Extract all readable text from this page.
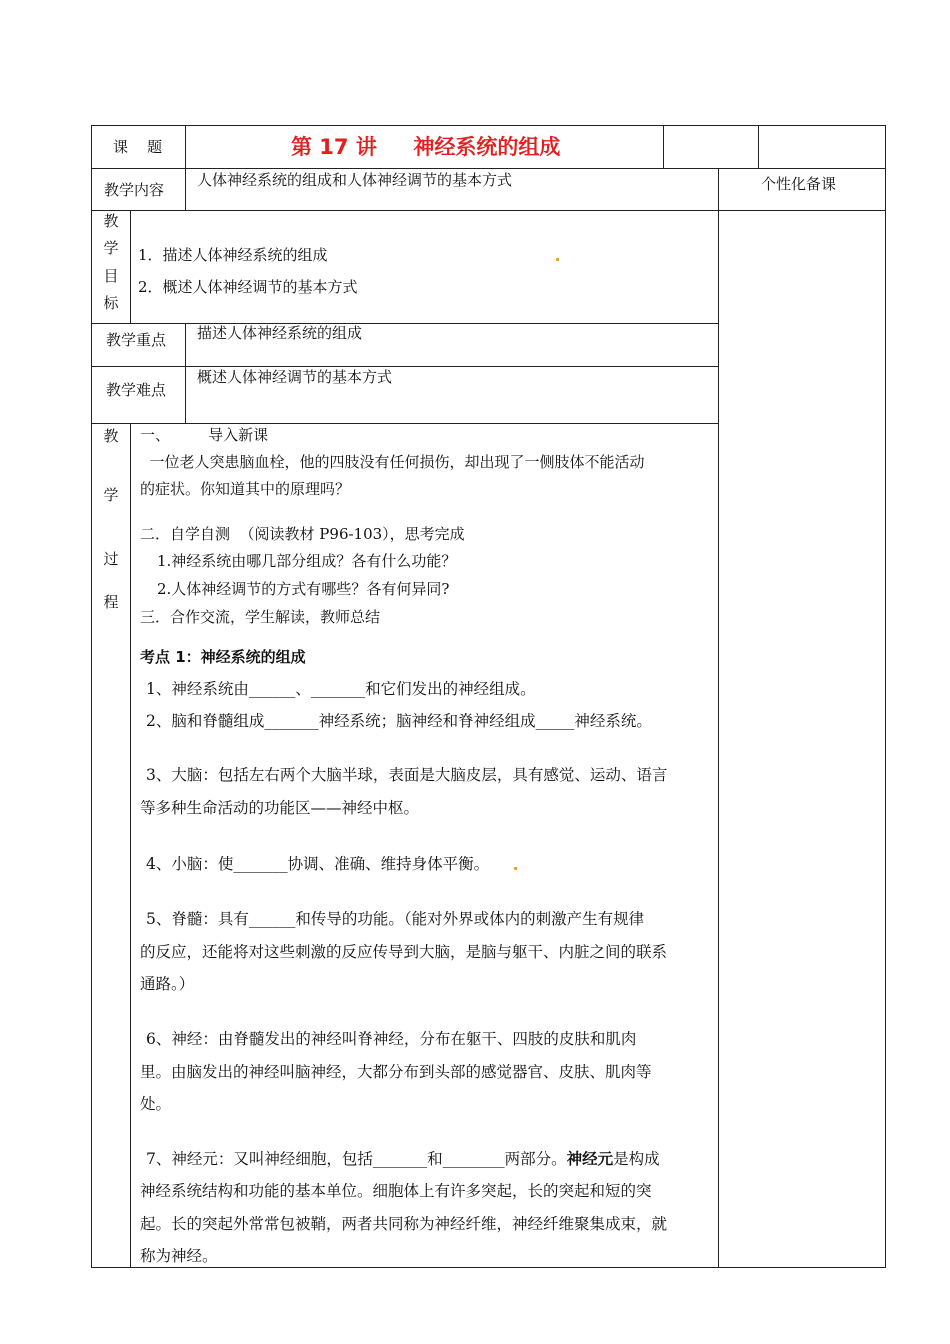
课    题	第 17 讲     神经系统的组成
个性化备课
教学内容
人体神经系统的组成和人体神经调节的基本方式
教
学
目
标
1．描述人体神经系统的组成
2．概述人体神经调节的基本方式
教学重点 描述人体神经系统的组成
教学难点
概述人体神经调节的基本方式
教
学
过
程
一、        导入新课
一位老人突患脑血栓，他的四肢没有任何损伤，却出现了一侧肢体不能活动
的症状。你知道其中的原理吗？
二．自学自测  （阅读教材 P96-103），思考完成
1.神经系统由哪几部分组成？各有什么功能？
2.人体神经调节的方式有哪些？各有何异同?
三．合作交流，学生解读，教师总结
考点 1：神经系统的组成
1、神经系统由______、_______和它们发出的神经组成。
2、脑和脊髓组成_______神经系统；脑神经和脊神经组成_____神经系统。
3、大脑：包括左右两个大脑半球，表面是大脑皮层，具有感觉、运动、语言
等多种生命活动的功能区——神经中枢。
4、小脑：使_______协调、准确、维持身体平衡。
5、脊髓：具有______和传导的功能。（能对外界或体内的刺激产生有规律
的反应，还能将对这些刺激的反应传导到大脑，是脑与躯干、内脏之间的联系
通路。）
6、神经：由脊髓发出的神经叫脊神经，分布在躯干、四肢的皮肤和肌肉
里。由脑发出的神经叫脑神经，大都分布到头部的感觉器官、皮肤、肌肉等
处。
7、神经元：又叫神经细胞，包括_______和________两部分。神经元是构成
神经系统结构和功能的基本单位。细胞体上有许多突起，长的突起和短的突
起。长的突起外常常包被鞘，两者共同称为神经纤维，神经纤维聚集成束，就
称为神经。
